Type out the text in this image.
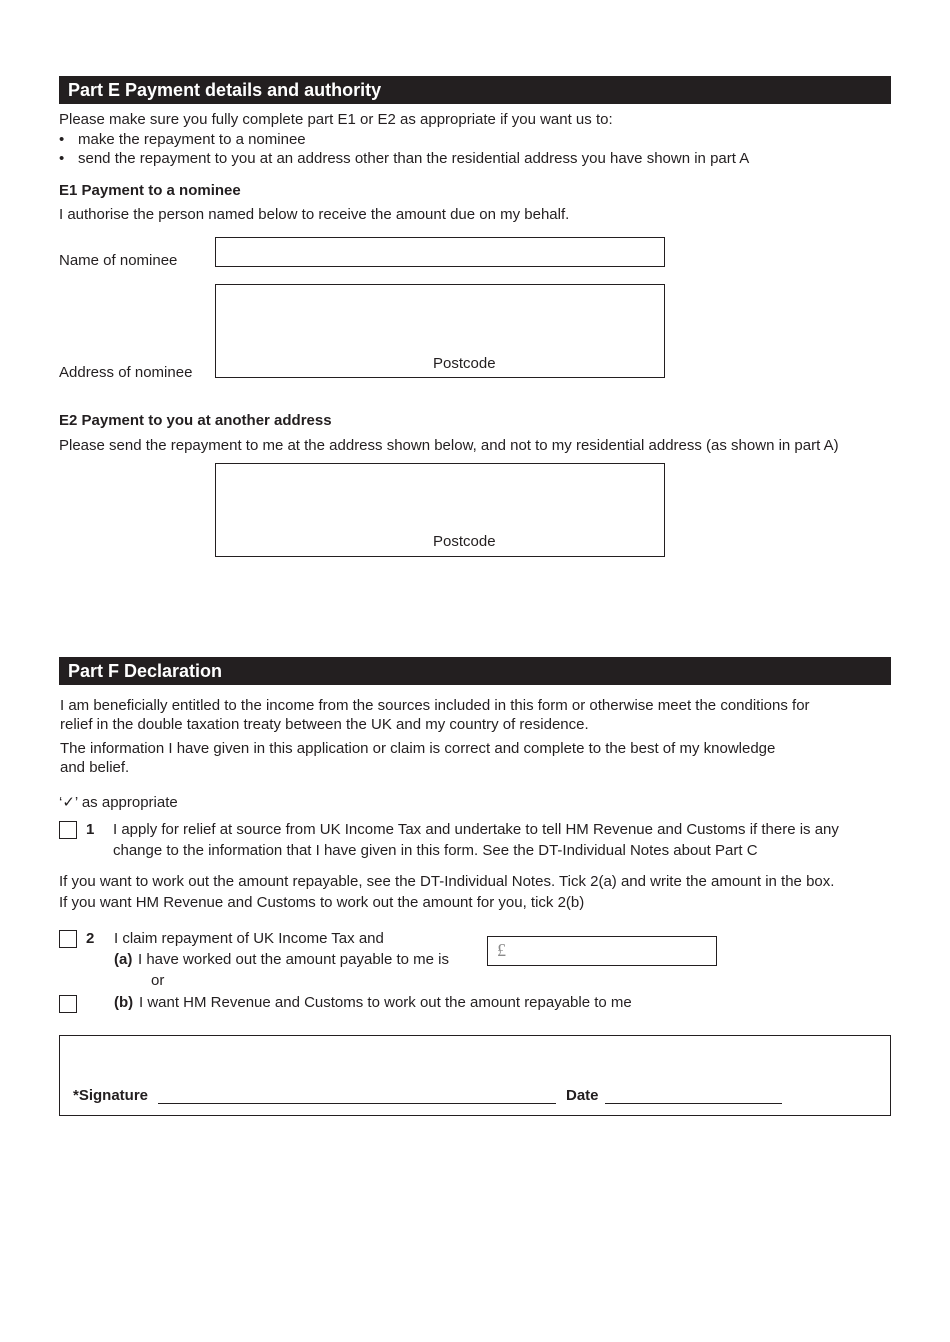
Part E Payment details and authority
Please make sure you fully complete part E1 or E2 as appropriate if you want us to:
• make the repayment to a nominee
• send the repayment to you at an address other than the residential address you have shown in part A
E1 Payment to a nominee
I authorise the person named below to receive the amount due on my behalf.
Name of nominee
Postcode
Address of nominee
E2 Payment to you at another address
Please send the repayment to me at the address shown below, and not to my residential address (as shown in part A)
Postcode
Part F Declaration
I am beneficially entitled to the income from the sources included in this form or otherwise meet the conditions for
relief in the double taxation treaty between the UK and my country of residence.
The information I have given in this application or claim is correct and complete to the best of my knowledge
and belief.
‘✓’ as appropriate
1 I apply for relief at source from UK Income Tax and undertake to tell HM Revenue and Customs if there is any
change to the information that I have given in this form. See the DT-Individual Notes about Part C
If you want to work out the amount repayable, see the DT-Individual Notes. Tick 2(a) and write the amount in the box.
If you want HM Revenue and Customs to work out the amount for you, tick 2(b)
2 I claim repayment of UK Income Tax and
(a) I have worked out the amount payable to me is
or
£
(b) I want HM Revenue and Customs to work out the amount repayable to me
*Signature	Date
